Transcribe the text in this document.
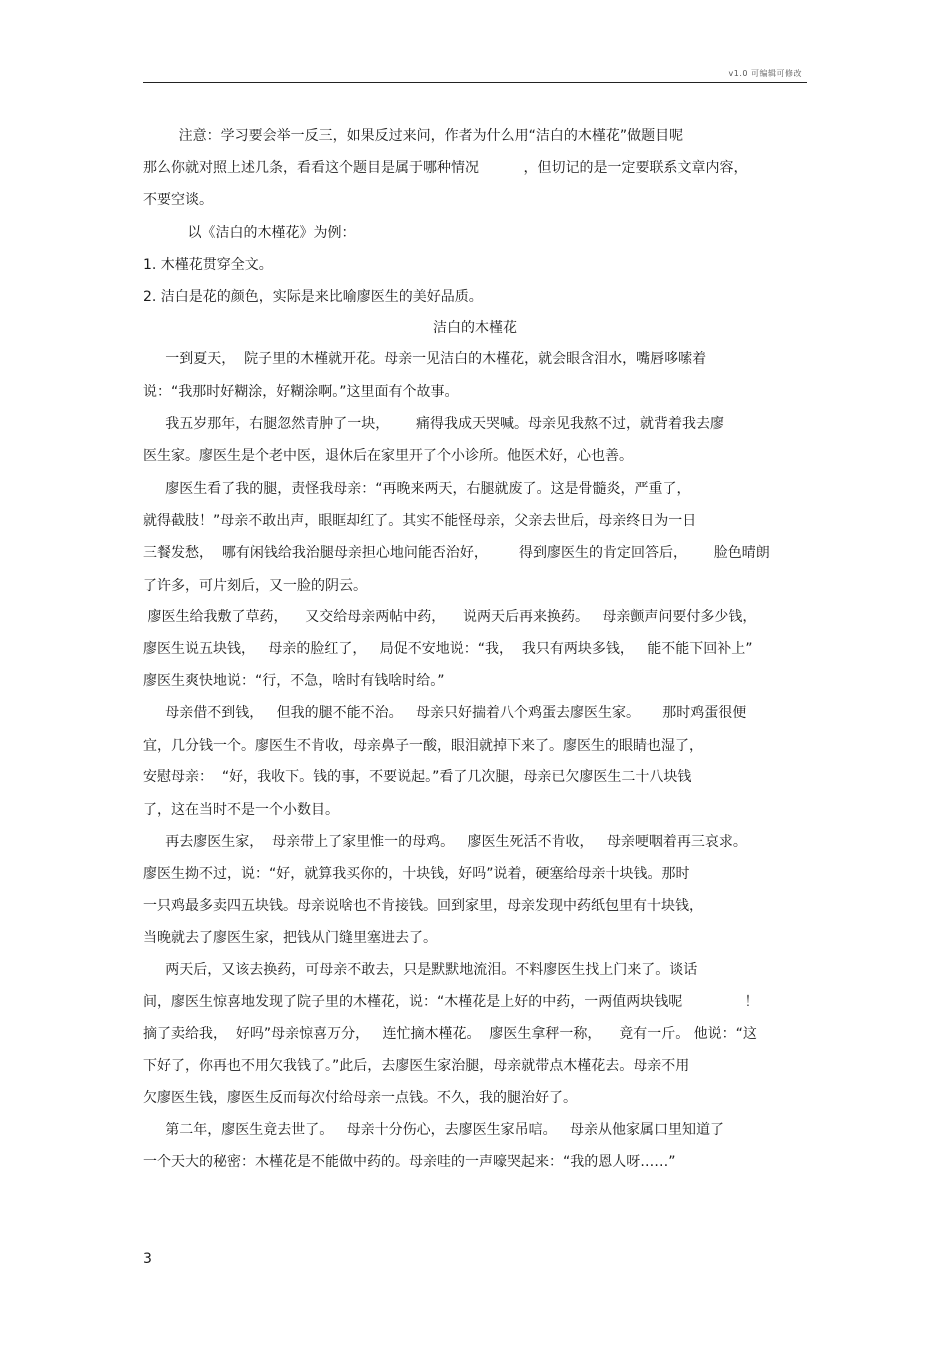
v1.0 可编辑可修改
注意：学习要会举一反三，如果反过来问，作者为什么用“洁白的木槿花”做题目呢
那么你就对照上述几条，看看这个题目是属于哪种情况          ，但切记的是一定要联系文章内容，
不要空谈。
以《洁白的木槿花》为例：
1. 木槿花贯穿全文。
2. 洁白是花的颜色，实际是来比喻廖医生的美好品质。
洁白的木槿花
一到夏天，  院子里的木槿就开花。母亲一见洁白的木槿花，就会眼含泪水，嘴唇哆嗦着
说：“我那时好糊涂，好糊涂啊。”这里面有个故事。
我五岁那年，右腿忽然青肿了一块，      痛得我成天哭喊。母亲见我熬不过，就背着我去廖
医生家。廖医生是个老中医，退休后在家里开了个小诊所。他医术好，心也善。
廖医生看了我的腿，责怪我母亲：“再晚来两天，右腿就废了。这是骨髓炎，严重了，
就得截肢！”母亲不敢出声，眼眶却红了。其实不能怪母亲，父亲去世后，母亲终日为一日
三餐发愁，  哪有闲钱给我治腿母亲担心地问能否治好，       得到廖医生的肯定回答后，      脸色晴朗
了许多，可片刻后，又一脸的阴云。
廖医生给我敷了草药，    又交给母亲两帖中药，    说两天后再来换药。   母亲颤声问要付多少钱，
廖医生说五块钱，   母亲的脸红了，   局促不安地说：“我，  我只有两块多钱，   能不能下回补上”
廖医生爽快地说：“行，不急，啥时有钱啥时给。”
母亲借不到钱，   但我的腿不能不治。   母亲只好揣着八个鸡蛋去廖医生家。     那时鸡蛋很便
宜，几分钱一个。廖医生不肯收，母亲鼻子一酸，眼泪就掉下来了。廖医生的眼睛也湿了，
安慰母亲：  “好，我收下。钱的事，不要说起。”看了几次腿，母亲已欠廖医生二十八块钱
了，这在当时不是一个小数目。
再去廖医生家，  母亲带上了家里惟一的母鸡。   廖医生死活不肯收，   母亲哽咽着再三哀求。
廖医生拗不过，说：“好，就算我买你的，十块钱，好吗”说着，硬塞给母亲十块钱。那时
一只鸡最多卖四五块钱。母亲说啥也不肯接钱。回到家里，母亲发现中药纸包里有十块钱，
当晚就去了廖医生家，把钱从门缝里塞进去了。
两天后，又该去换药，可母亲不敢去，只是默默地流泪。不料廖医生找上门来了。谈话
间，廖医生惊喜地发现了院子里的木槿花，说：“木槿花是上好的中药，一两值两块钱呢              ！
摘了卖给我，  好吗”母亲惊喜万分，   连忙摘木槿花。  廖医生拿秤一称，    竟有一斤。 他说：“这
下好了，你再也不用欠我钱了。”此后，去廖医生家治腿，母亲就带点木槿花去。母亲不用
欠廖医生钱，廖医生反而每次付给母亲一点钱。不久，我的腿治好了。
第二年，廖医生竟去世了。   母亲十分伤心，去廖医生家吊唁。   母亲从他家属口里知道了
一个天大的秘密：木槿花是不能做中药的。母亲哇的一声嚎哭起来：“我的恩人呀……”
3
